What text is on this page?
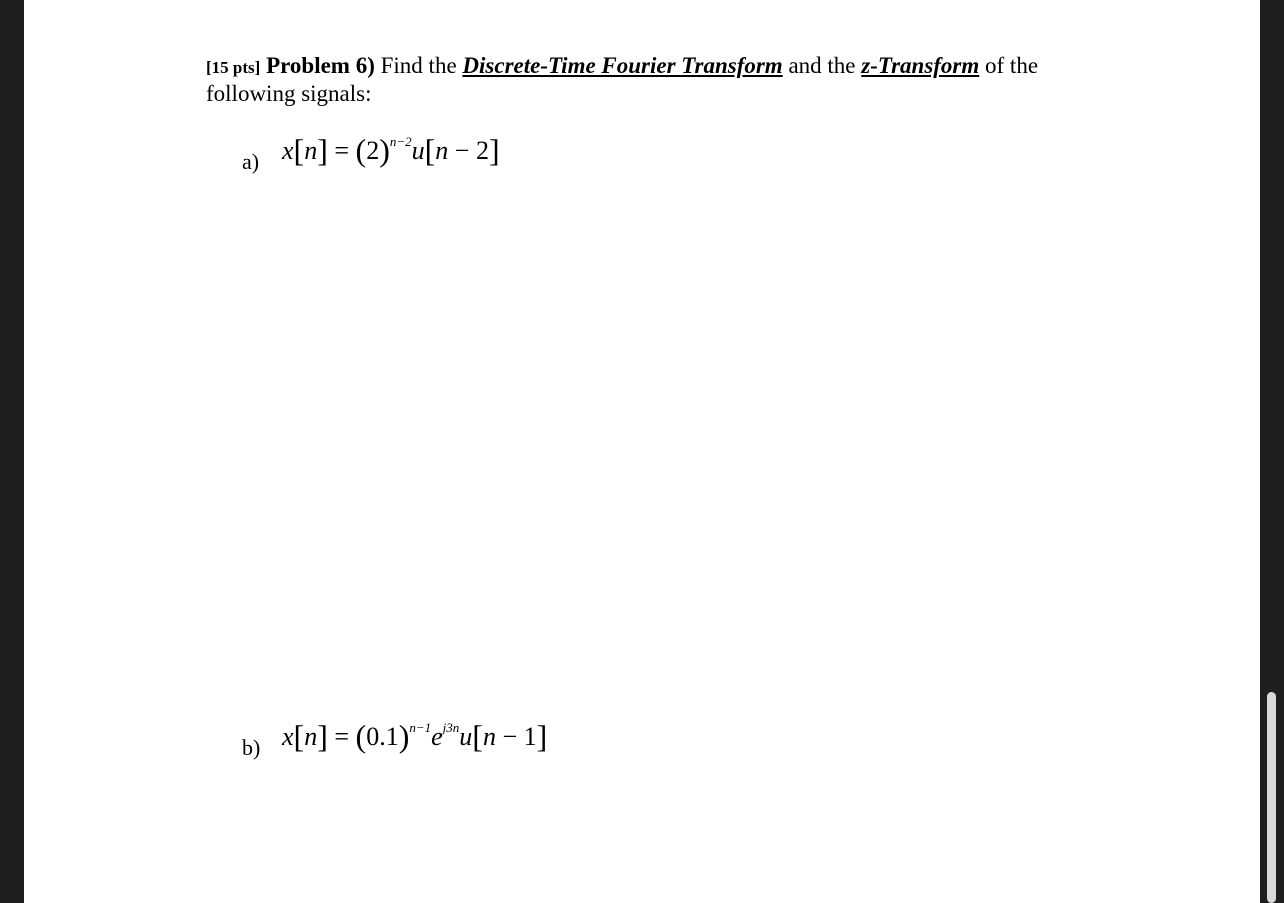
[15 pts] Problem 6) Find the Discrete-Time Fourier Transform and the z-Transform of the
following signals:
a) $x[n] = (2)^{n-2}u[n - 2]$
b) $x[n] = (0.1)^{n-1}e^{j3n}u[n - 1]$
